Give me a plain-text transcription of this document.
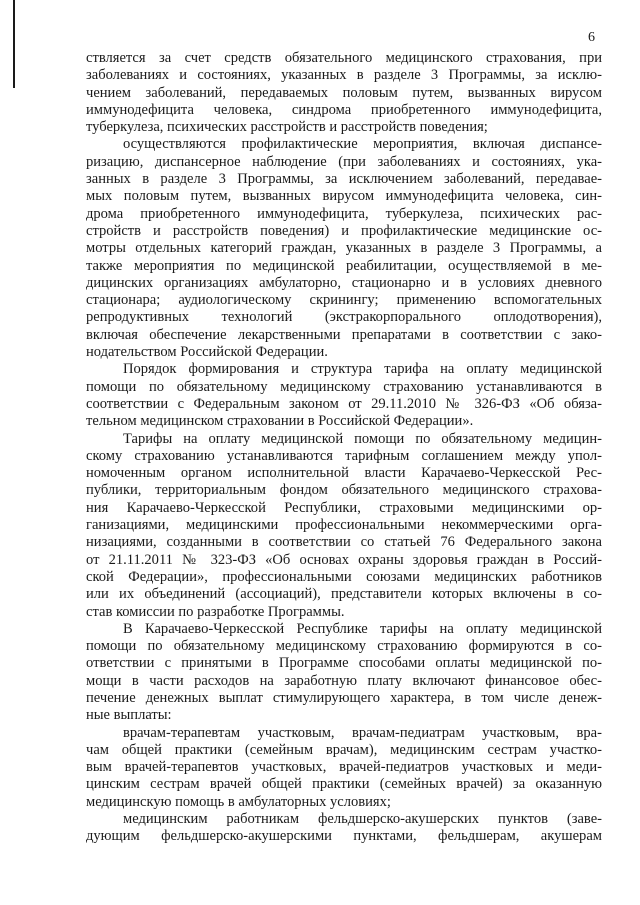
6
ствляется за счет средств обязательного медицинского страхования, при
заболеваниях и состояниях, указанных в разделе 3 Программы, за исклю-
чением заболеваний, передаваемых половым путем, вызванных вирусом
иммунодефицита человека, синдрома приобретенного иммунодефицита,
туберкулеза, психических расстройств и расстройств поведения;
осуществляются профилактические мероприятия, включая диспансе-
ризацию, диспансерное наблюдение (при заболеваниях и состояниях, ука-
занных в разделе 3 Программы, за исключением заболеваний, передавае-
мых половым путем, вызванных вирусом иммунодефицита человека, син-
дрома приобретенного иммунодефицита, туберкулеза, психических рас-
стройств и расстройств поведения) и профилактические медицинские ос-
мотры отдельных категорий граждан, указанных в разделе 3 Программы, а
также мероприятия по медицинской реабилитации, осуществляемой в ме-
дицинских организациях амбулаторно, стационарно и в условиях дневного
стационара; аудиологическому скринингу; применению вспомогательных
репродуктивных технологий (экстракорпорального оплодотворения),
включая обеспечение лекарственными препаратами в соответствии с зако-
нодательством Российской Федерации.
Порядок формирования и структура тарифа на оплату медицинской
помощи по обязательному медицинскому страхованию устанавливаются в
соответствии с Федеральным законом от 29.11.2010 № 326-ФЗ «Об обяза-
тельном медицинском страховании в Российской Федерации».
Тарифы на оплату медицинской помощи по обязательному медицин-
скому страхованию устанавливаются тарифным соглашением между упол-
номоченным органом исполнительной власти Карачаево-Черкесской Рес-
публики, территориальным фондом обязательного медицинского страхова-
ния Карачаево-Черкесской Республики, страховыми медицинскими ор-
ганизациями, медицинскими профессиональными некоммерческими орга-
низациями, созданными в соответствии со статьей 76 Федерального закона
от 21.11.2011 № 323-ФЗ «Об основах охраны здоровья граждан в Россий-
ской Федерации», профессиональными союзами медицинских работников
или их объединений (ассоциаций), представители которых включены в со-
став комиссии по разработке Программы.
В Карачаево-Черкесской Республике тарифы на оплату медицинской
помощи по обязательному медицинскому страхованию формируются в со-
ответствии с принятыми в Программе способами оплаты медицинской по-
мощи в части расходов на заработную плату включают финансовое обес-
печение денежных выплат стимулирующего характера, в том числе денеж-
ные выплаты:
врачам-терапевтам участковым, врачам-педиатрам участковым, вра-
чам общей практики (семейным врачам), медицинским сестрам участко-
вым врачей-терапевтов участковых, врачей-педиатров участковых и меди-
цинским сестрам врачей общей практики (семейных врачей) за оказанную
медицинскую помощь в амбулаторных условиях;
медицинским работникам фельдшерско-акушерских пунктов (заве-
дующим фельдшерско-акушерскими пунктами, фельдшерам, акушерам
